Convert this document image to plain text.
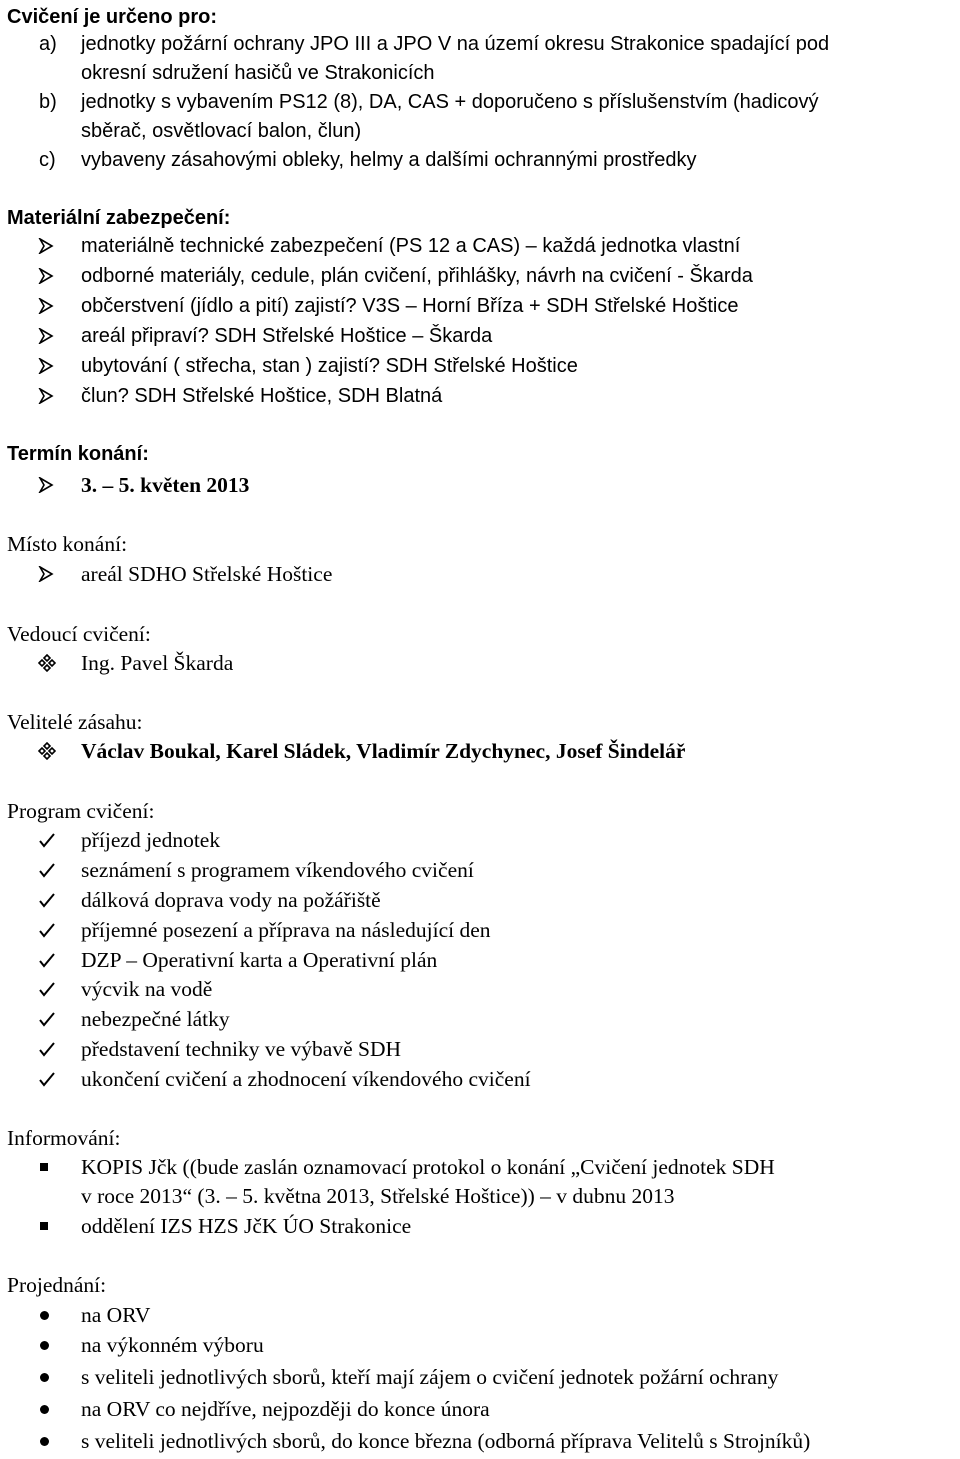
Cvičení je určeno pro:
a) jednotky požární ochrany JPO III a JPO V na území okresu Strakonice spadající pod
okresní sdružení hasičů ve Strakonicích
b) jednotky s vybavením PS12 (8), DA, CAS + doporučeno s příslušenstvím (hadicový
sběrač, osvětlovací balon, člun)
c) vybaveny zásahovými obleky, helmy a dalšími ochrannými prostředky
Materiální zabezpečení:
materiálně technické zabezpečení (PS 12 a CAS) – každá jednotka vlastní
odborné materiály, cedule, plán cvičení, přihlášky, návrh na cvičení - Škarda
občerstvení (jídlo a pití) zajistí? V3S – Horní Bříza + SDH Střelské Hoštice
areál připraví? SDH Střelské Hoštice – Škarda
ubytování ( střecha, stan ) zajistí? SDH Střelské Hoštice
člun? SDH Střelské Hoštice, SDH Blatná
Termín konání:
3. – 5. květen 2013
Místo konání:
areál SDHO Střelské Hoštice
Vedoucí cvičení:
Ing. Pavel Škarda
Velitelé zásahu:
Václav Boukal, Karel Sládek, Vladimír Zdychynec, Josef Šindelář
Program cvičení:
příjezd jednotek
seznámení s programem víkendového cvičení
dálková doprava vody na požářiště
příjemné posezení a příprava na následující den
DZP – Operativní karta a Operativní plán
výcvik na vodě
nebezpečné látky
představení techniky ve výbavě SDH
ukončení cvičení a zhodnocení víkendového cvičení
Informování:
KOPIS Jčk ((bude zaslán oznamovací protokol o konání „Cvičení jednotek SDH
v roce 2013“ (3. – 5. května 2013, Střelské Hoštice)) – v dubnu 2013
oddělení IZS HZS JčK ÚO Strakonice
Projednání:
na ORV
na výkonném výboru
s veliteli jednotlivých sborů, kteří mají zájem o cvičení jednotek požární ochrany
na ORV co nejdříve, nejpozději do konce února
s veliteli jednotlivých sborů, do konce března (odborná příprava Velitelů s Strojníků)
